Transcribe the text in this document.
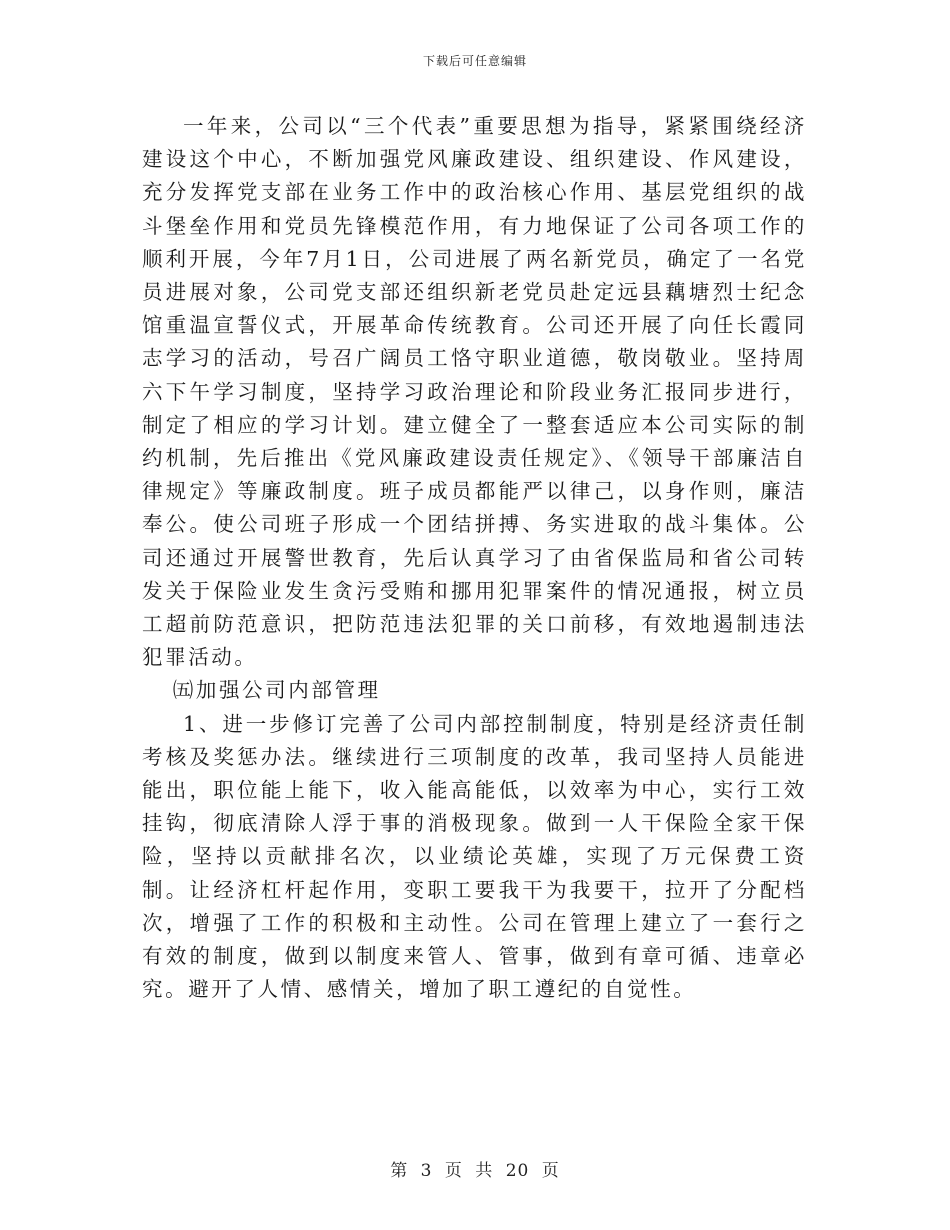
下载后可任意编辑

一年来，公司以“三个代表”重要思想为指导，紧紧围绕经济建设这个中心，不断加强党风廉政建设、组织建设、作风建设，充分发挥党支部在业务工作中的政治核心作用、基层党组织的战斗堡垒作用和党员先锋模范作用，有力地保证了公司各项工作的顺利开展，今年7月1日，公司进展了两名新党员，确定了一名党员进展对象，公司党支部还组织新老党员赴定远县藕塘烈士纪念馆重温宣誓仪式，开展革命传统教育。公司还开展了向任长霞同志学习的活动，号召广阔员工恪守职业道德，敬岗敬业。坚持周六下午学习制度，坚持学习政治理论和阶段业务汇报同步进行，制定了相应的学习计划。建立健全了一整套适应本公司实际的制约机制，先后推出《党风廉政建设责任规定》、《领导干部廉洁自律规定》等廉政制度。班子成员都能严以律己，以身作则，廉洁奉公。使公司班子形成一个团结拼搏、务实进取的战斗集体。公司还通过开展警世教育，先后认真学习了由省保监局和省公司转发关于保险业发生贪污受贿和挪用犯罪案件的情况通报，树立员工超前防范意识，把防范违法犯罪的关口前移，有效地遏制违法犯罪活动。

㈤加强公司内部管理

1、进一步修订完善了公司内部控制制度，特别是经济责任制考核及奖惩办法。继续进行三项制度的改革，我司坚持人员能进能出，职位能上能下，收入能高能低，以效率为中心，实行工效挂钩，彻底清除人浮于事的消极现象。做到一人干保险全家干保险，坚持以贡献排名次，以业绩论英雄，实现了万元保费工资制。让经济杠杆起作用，变职工要我干为我要干，拉开了分配档次，增强了工作的积极和主动性。公司在管理上建立了一套行之有效的制度，做到以制度来管人、管事，做到有章可循、违章必究。避开了人情、感情关，增加了职工遵纪的自觉性。

第 3 页 共 20 页
